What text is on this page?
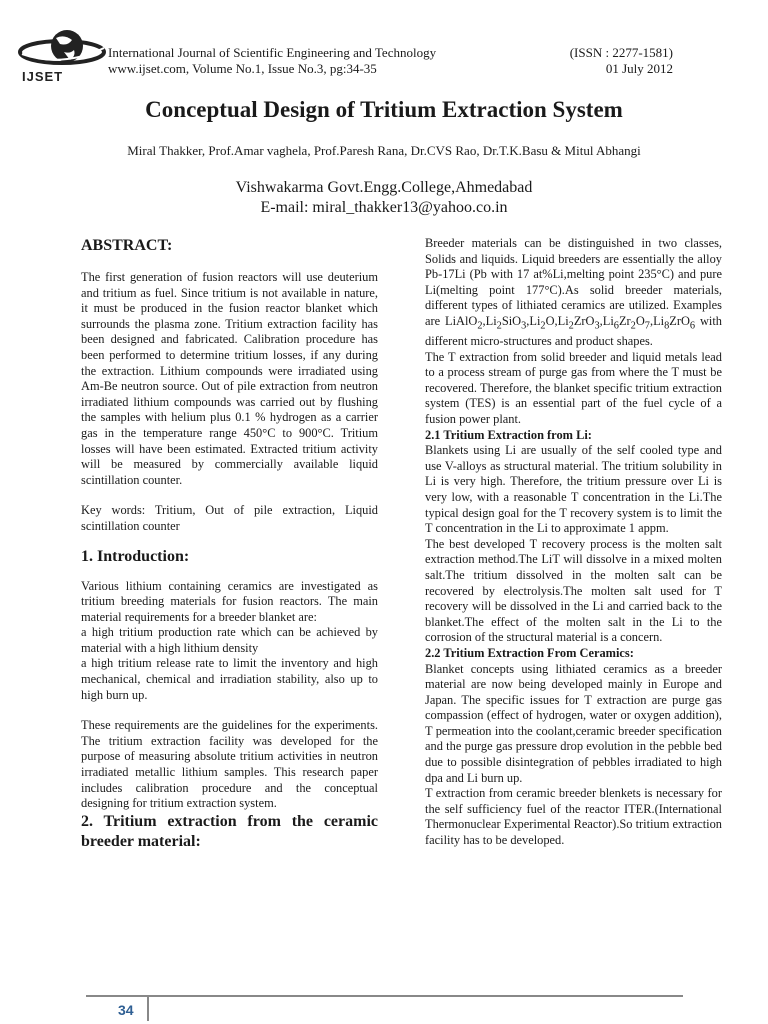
IJSET
International Journal of Scientific Engineering and Technology
www.ijset.com, Volume No.1, Issue No.3, pg:34-35
(ISSN : 2277-1581)
01 July 2012
Conceptual Design of Tritium Extraction System
Miral Thakker, Prof.Amar vaghela, Prof.Paresh Rana, Dr.CVS Rao, Dr.T.K.Basu & Mitul Abhangi
Vishwakarma Govt.Engg.College,Ahmedabad
E-mail: miral_thakker13@yahoo.co.in
ABSTRACT:

The first generation of fusion reactors will use deuterium and tritium as fuel. Since tritium is not available in nature, it must be produced in the fusion reactor blanket which surrounds the plasma zone. Tritium extraction facility has been designed and fabricated. Calibration procedure has been performed to determine tritium losses, if any during the extraction. Lithium compounds were irradiated using Am-Be neutron source. Out of pile extraction from neutron irradiated lithium compounds was carried out by flushing the samples with helium plus 0.1 % hydrogen as a carrier gas in the temperature range 450°C to 900°C. Tritium losses will have been estimated. Extracted tritium activity will be measured by commercially available liquid scintillation counter.

Key words: Tritium, Out of pile extraction, Liquid scintillation counter

1. Introduction:

Various lithium containing ceramics are investigated as tritium breeding materials for fusion reactors. The main material requirements for a breeder blanket are:

a high tritium production rate which can be achieved by material with a high lithium density

a high tritium release rate to limit the inventory and high mechanical, chemical and irradiation stability, also up to high burn up.

These requirements are the guidelines for the experiments. The tritium extraction facility was developed for the purpose of measuring absolute tritium activities in neutron irradiated metallic lithium samples. This research paper includes calibration procedure and the conceptual designing for tritium extraction system.

2. Tritium extraction from the ceramic breeder material:

Breeder materials can be distinguished in two classes, Solids and liquids. Liquid breeders are essentially the alloy Pb-17Li (Pb with 17 at%Li,melting point 235°C) and pure Li(melting point 177°C).As solid breeder materials, different types of lithiated ceramics are utilized. Examples are $LiAlO_2,Li_2SiO_3,Li_2O,Li_2ZrO_3,Li_6Zr_2O_7,Li_8ZrO_6$ with different micro-structures and product shapes.

The T extraction from solid breeder and liquid metals lead to a process stream of purge gas from where the T must be recovered. Therefore, the blanket specific tritium extraction system (TES) is an essential part of the fuel cycle of a fusion power plant.

2.1 Tritium Extraction from Li:

Blankets using Li are usually of the self cooled type and use V-alloys as structural material. The tritium solubility in Li is very high. Therefore, the tritium pressure over Li is very low, with a reasonable T concentration in the Li.The typical design goal for the T recovery system is to limit the T concentration in the Li to approximate 1 appm.

The best developed T recovery process is the molten salt extraction method.The LiT will dissolve in a mixed molten salt.The tritium dissolved in the molten salt can be recovered by electrolysis.The molten salt used for T recovery will be dissolved in the Li and carried back to the blanket.The effect of the molten salt in the Li to the corrosion of the structural material is a concern.

2.2 Tritium Extraction From Ceramics:

Blanket concepts using lithiated ceramics as a breeder material are now being developed mainly in Europe and Japan. The specific issues for T extraction are purge gas compassion (effect of hydrogen, water or oxygen addition), T permeation into the coolant,ceramic breeder specification and the purge gas pressure drop evolution in the pebble bed due to possible disintegration of pebbles irradiated to high dpa and Li burn up.

T extraction from ceramic breeder blenkets is necessary for the self sufficiency fuel of the reactor ITER.(International Thermonuclear Experimental Reactor).So tritium extraction facility has to be developed.

34
